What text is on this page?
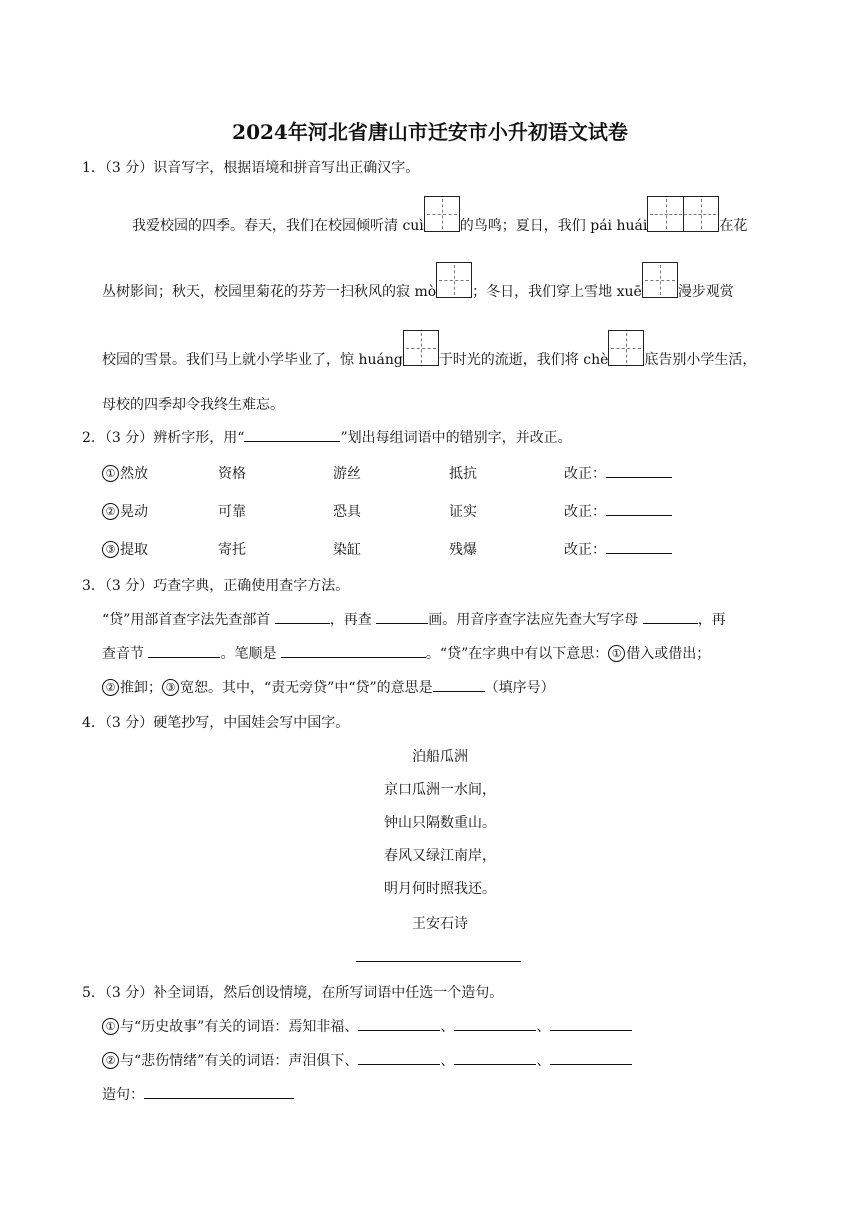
2024年河北省唐山市迁安市小升初语文试卷
1．（3 分）识音写字，根据语境和拼音写出正确汉字。
我爱校园的四季。春天，我们在校园倾听清 cuì	的鸟鸣；夏日，我们 pái huái	在花
丛树影间；秋天，校园里菊花的芬芳一扫秋风的寂 mò	；冬日，我们穿上雪地 xuē	漫步观赏
校园的雪景。我们马上就小学毕业了，惊 huáng	于时光的流逝，我们将 chè	底告别小学生活，
母校的四季却令我终生难忘。
2．（3 分）辨析字形，用“	”划出每组词语中的错别字，并改正。
① 然放	资格	游丝	抵抗	改正：
② 晃动	可靠	恐具	证实	改正：
③ 提取	寄托	染缸	残爆	改正：
3．（3 分）巧查字典，正确使用查字方法。
“贷”用部首查字法先查部首	，再查	画。用音序查字法应先查大写字母	，再
查音节	。笔顺是	。“贷”在字典中有以下意思： ① 借入或借出；
② 推卸； ③ 宽恕。其中，“责无旁贷”中“贷”的意思是	（填序号）
4．（3 分）硬笔抄写，中国娃会写中国字。
泊船瓜洲
京口瓜洲一水间，
钟山只隔数重山。
春风又绿江南岸，
明月何时照我还。
王安石诗
5．（3 分）补全词语，然后创设情境，在所写词语中任选一个造句。
① 与“历史故事”有关的词语：焉知非福、	、	、
② 与“悲伤情绪”有关的词语：声泪俱下、	、	、
造句：
